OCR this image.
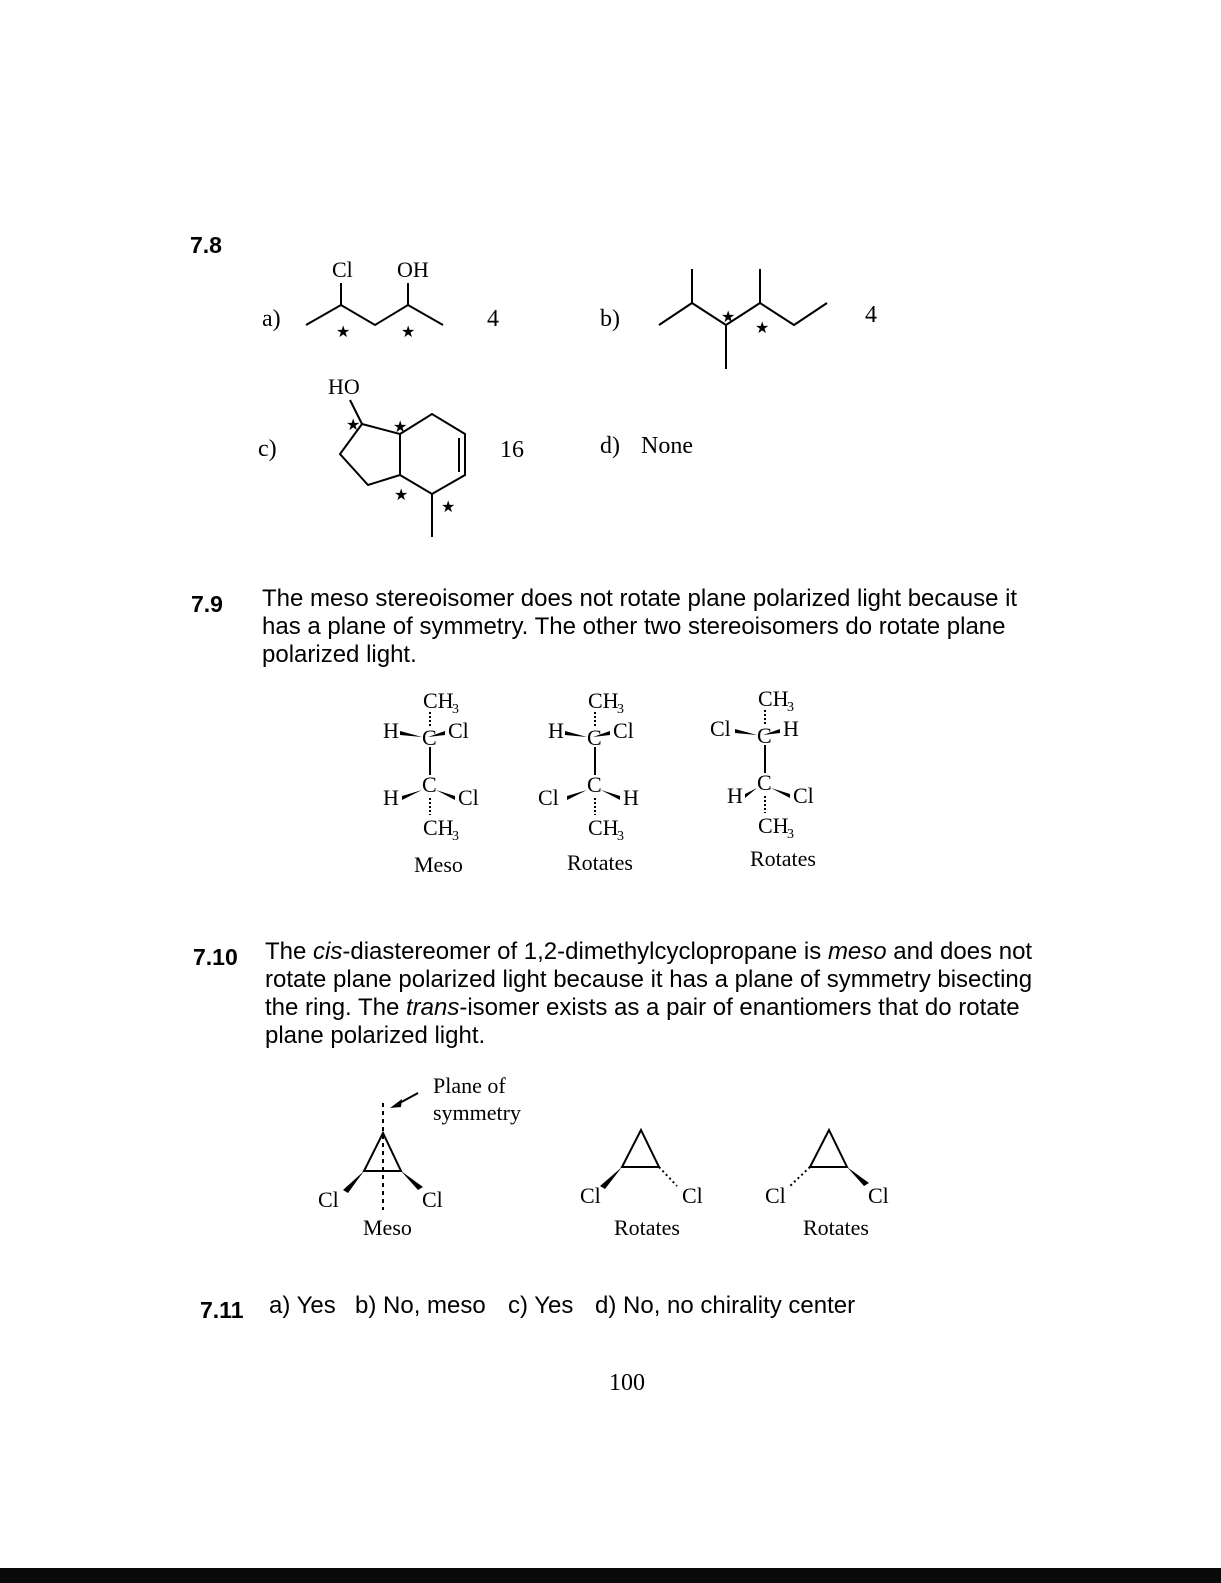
7.8
a)
Cl OH
★	★
4	b)	★
★
4
c)
HO
★ ★
★
★
16	d) None
7.9 The meso stereoisomer does not rotate plane polarized light because it has a plane of symmetry. The other two stereoisomers do rotate plane polarized light.
CH
3
H C Cl
H
C
Cl
CH
3
Meso
CH
3
H C Cl
Cl
C
H
CH
3
Rotates
CH
3
Cl C H
H
C
Cl
CH
3
Rotates
7.10 The cis-diastereomer of 1,2-dimethylcyclopropane is meso and does not rotate plane polarized light because it has a plane of symmetry bisecting the ring. The trans-isomer exists as a pair of enantiomers that do rotate plane polarized light.
Plane of
symmetry
Cl	Cl
Meso
Cl	Cl
Rotates
Cl	Cl
Rotates
7.11 a) Yes b) No, meso c) Yes d) No, no chirality center
100
